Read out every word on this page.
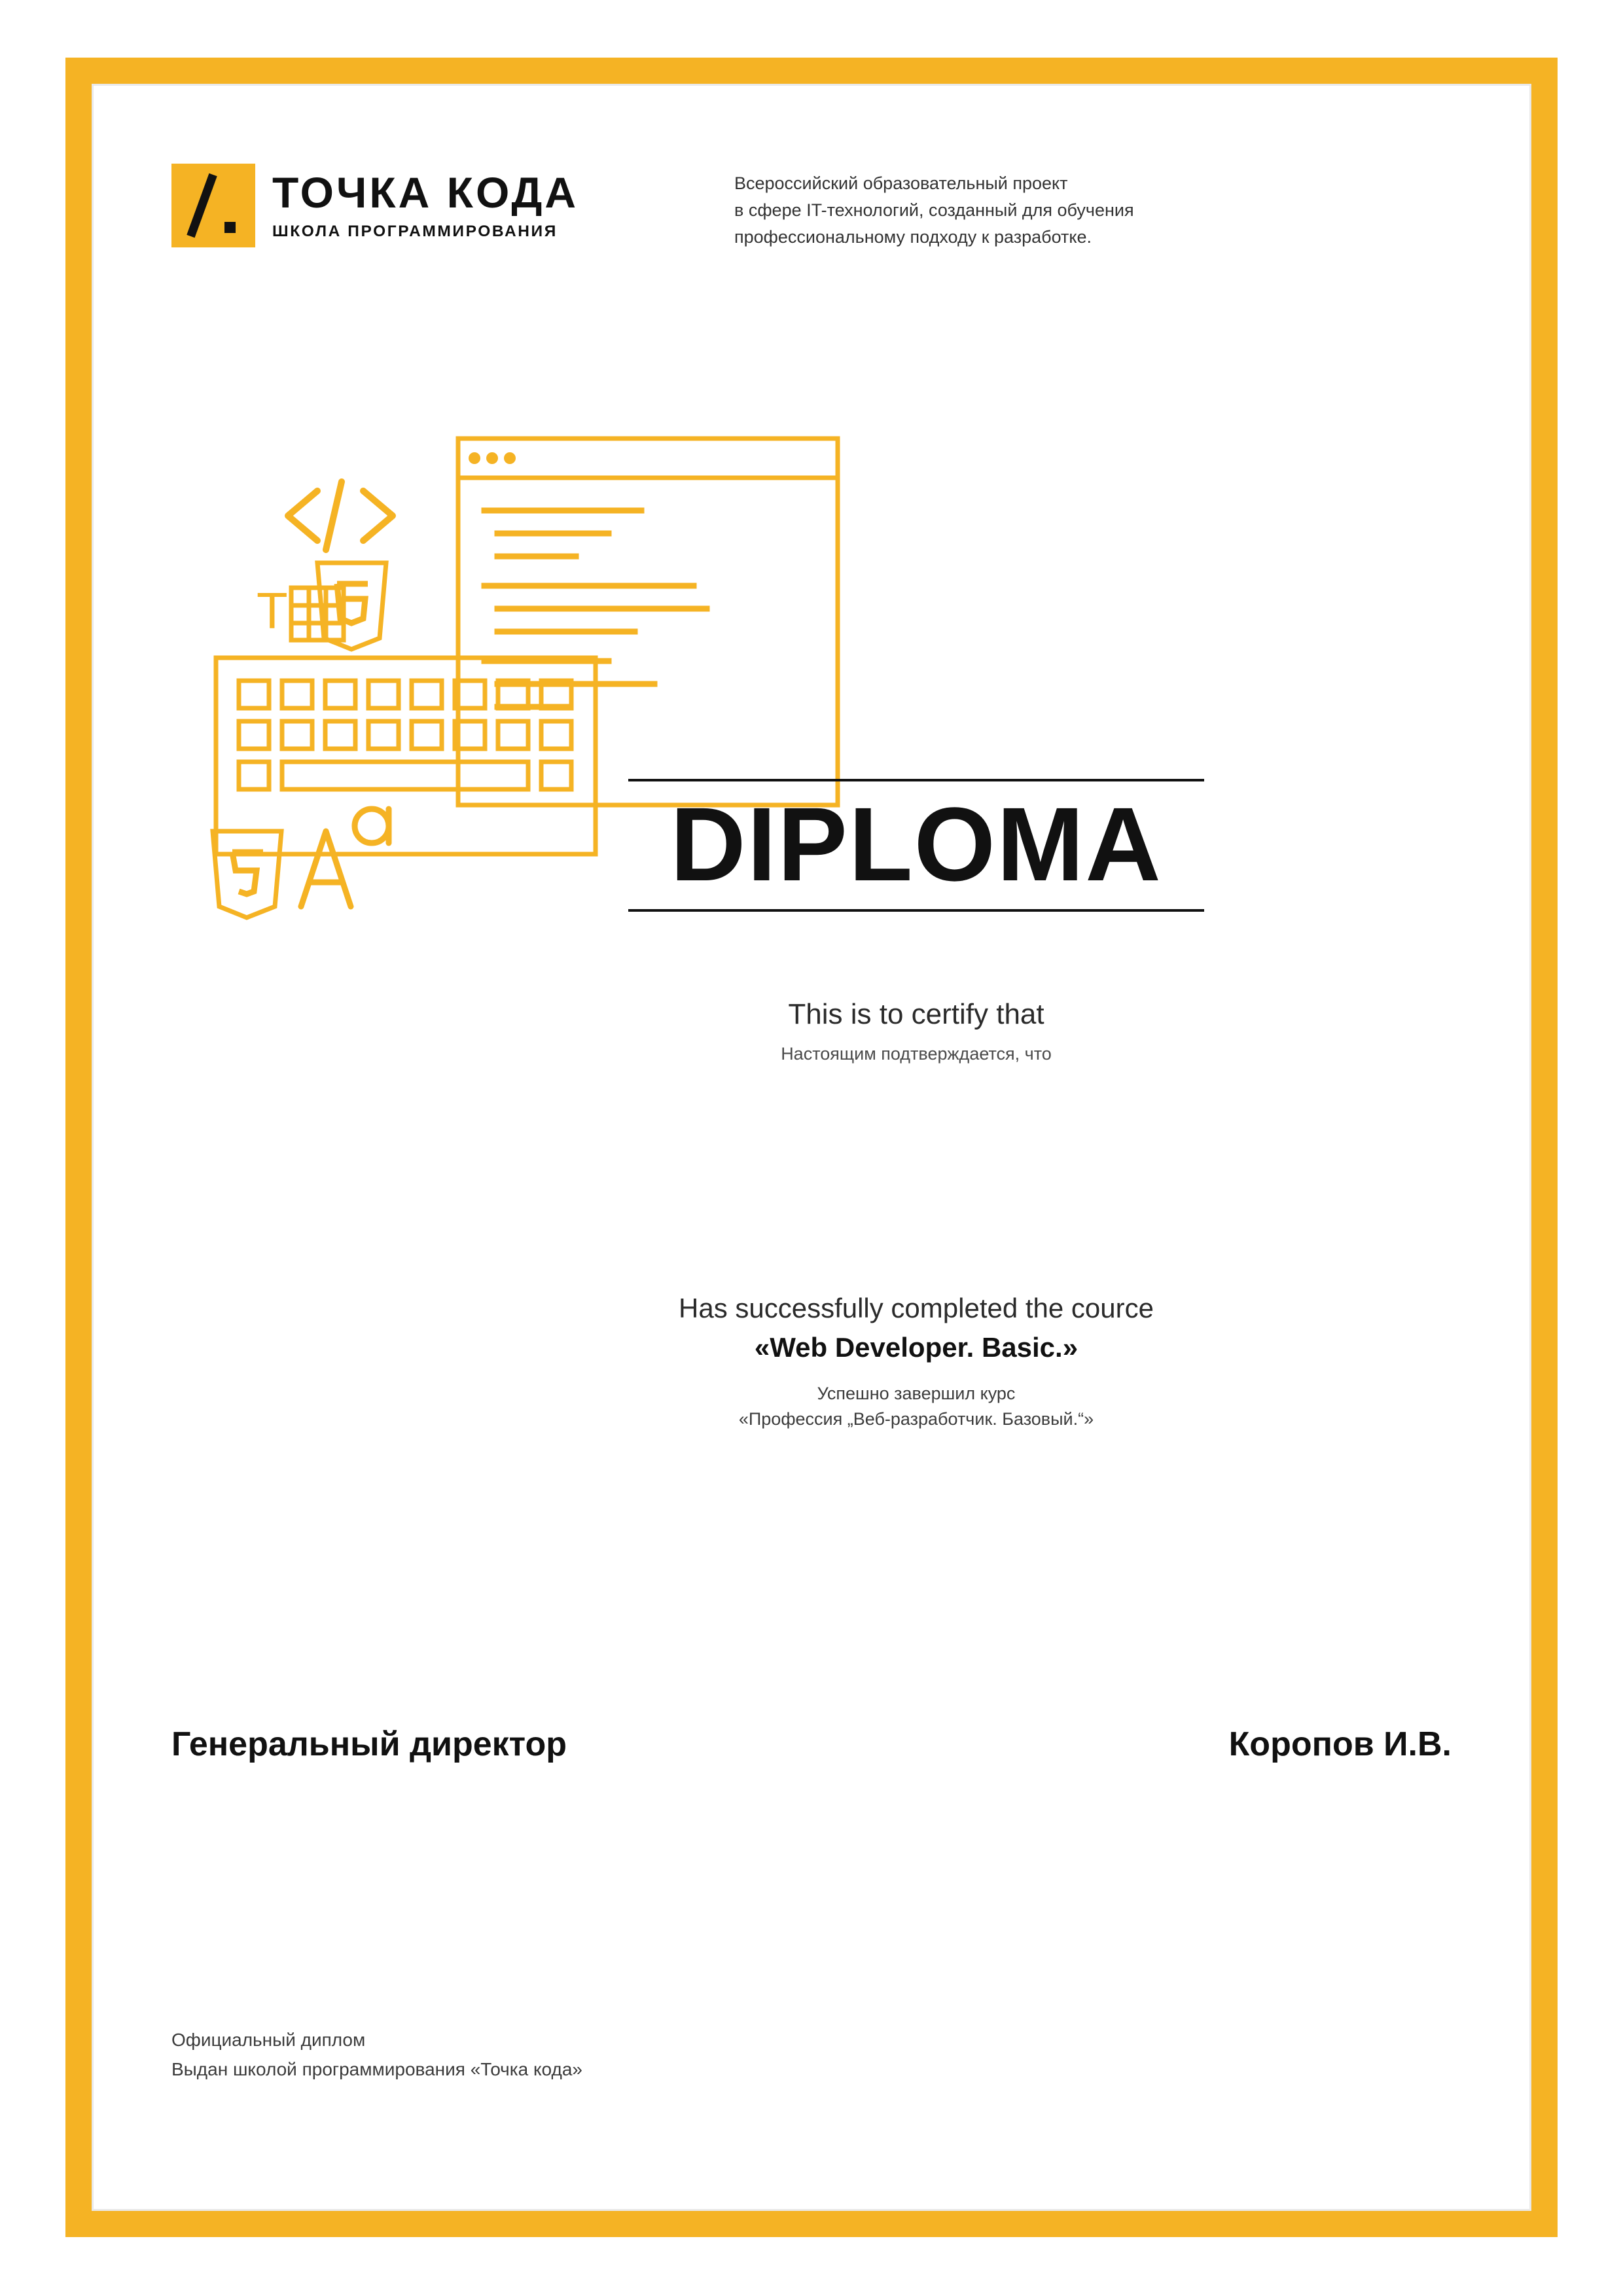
ТОЧКА КОДА
ШКОЛА ПРОГРАММИРОВАНИЯ
Всероссийский образовательный проект
в сфере IT-технологий, созданный для обучения
профессиональному подходу к разработке.
T
DIPLOMA
This is to certify that
Настоящим подтверждается, что
Has successfully completed the cource
«Web Developer. Basic.»
Успешно завершил курс
«Профессия „Веб-разработчик. Базовый.“»
Генеральный директор	Коропов И.В.
Официальный диплом
Выдан школой программирования «Точка кода»
